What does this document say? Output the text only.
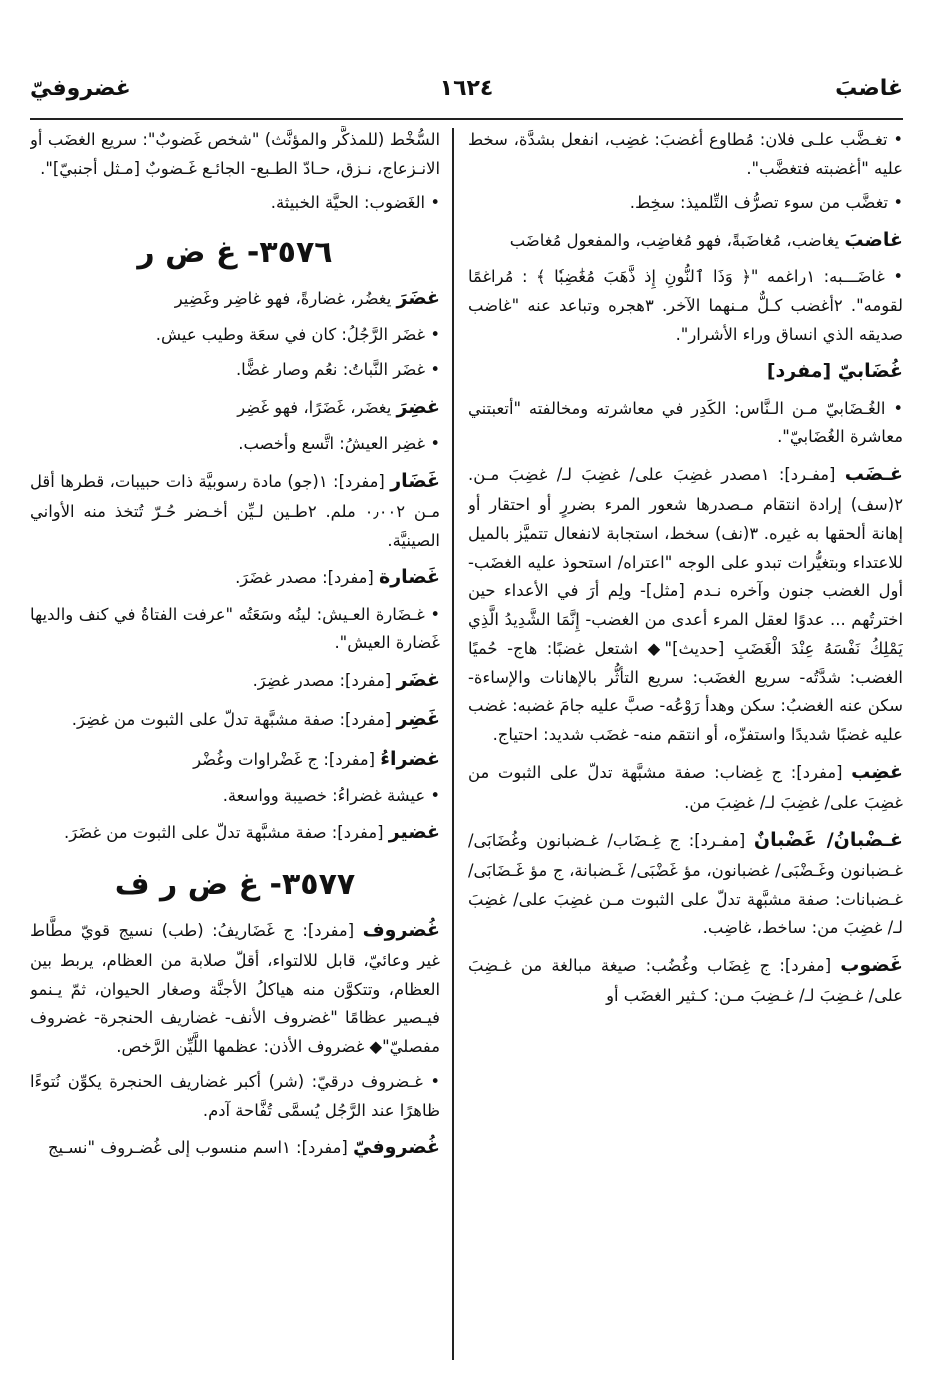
غاضبَ
١٦٢٤
غضروفيّ

• تغـضَّب علـى فلان: مُطاوع أغضبَ: غضِب، انفعل بشدَّة، سخط عليه "أغضبته فتغضَّب".

• تغضَّب من سوء تصرُّف التِّلميذ: سخِط.

غاضبَ يغاضب، مُغاضَبةً، فهو مُغاضِب، والمفعول مُغاضَب

• غاضَـــبه: ١راغمه "﴿ وَذَا ٱلنُّونِ إِذ ذَّهَبَ مُغَٰضِبٗا ﴾ : مُراغمًا لقومه". ٢أغضب كـلٌّ مـنهما الآخر. ٣هجره وتباعد عنه "غاضب صديقه الذي انساق وراء الأشرار".

غُضَابيّ [مفرد]

• الغُـضَابيّ مـن الـنَّاس: الكَدِر في معاشرته ومخالفته "أتعبتني معاشرة الغُضَابيّ".

غـضَب [مفـرد]: ١مصدر غضِبَ على/ غضِبَ لـ/ غضِبَ مـن. ٢(سف) إرادة انتقام مـصدرها شعور المرء بضررٍ أو احتقار أو إهانة ألحقها به غيره. ٣(نف) سخط، استجابة لانفعال تتميَّز بالميل للاعتداء وبتغيُّرات تبدو على الوجه "اعتراه/ استحوذ عليه الغضَب- أول الغضب جنون وآخره نـدم [مثل]- ولِم أرَ في الأعداء حين اخترتُهم ... عدوًا لعقل المرء أعدى من الغضب- إِنَّمَا الشَّدِيدُ الَّذِي يَمْلِكُ نَفْسَهُ عِنْدَ الْغَضَبِ [حديث]"◆ اشتعل غضبًا: هاج- حُميًا الغضب: شدَّتُه- سريع الغضَب: سريع التأثُّر بالإهانات والإساءة- سكن عنه الغضبُ: سكن وهدأ رَوْعُه- صبَّ عليه جامَ غضبه: غضب عليه غضبًا شديدًا واستفزّه، أو انتقم منه- غضَب شديد: احتياج.

غضِب [مفرد]: ج غِضاب: صفة مشبَّهة تدلّ على الثبوت من غضِبَ على/ غضِبَ لـ/ غضِبَ من.

غـضْبانُ/ غَضْبانٌ [مفـرد]: ج غِـضَاب/ غـضبانون وغُضَابَى/ غـضبانون وغَـضْبَى/ غضبانون، مؤ غَضْبَى/ غَـضبانة، ج مؤ غَـضَابَى/ غـضبانات: صفة مشبَّهة تدلّ على الثبوت مـن غضِبَ على/ غضِبَ لـ/ غضِبَ من: ساخط، غاضِب.

غَضوب [مفرد]: ج غِضَاب وغُضُب: صيغة مبالغة من غـضِبَ على/ غـضِبَ لـ/ غـضِبَ مـن: كـثير الغضَب أو

السُّخْط (للمذكَّر والمؤنَّث) "شخص غَضوبٌ": سريع الغضَب أو الانـزعاج، نـزق، حـادّ الطـبع- الجائـع غَـضوبٌ [مـثل أجنبيّ]".

• الغَضوب: الحيَّة الخبيثة.

٣٥٧٦- غ ض ر

غضَرَ يغضُر، غضارةً، فهو غاضِر وغَضِير

• غضَر الرَّجُلُ: كان في سعَة وطيب عيش.

• غضَر النَّباتُ: نعُم وصار غضًّا.

غضِرَ يغضَر، غَضَرًا، فهو غَضِر

• غضِر العيشُ: اتَّسع وأخصب.

غَضَار [مفرد]: ١(جو) مادة رسوبيَّة ذات حبيبات، قطرها أقل مـن ٠٫٠٠٢ ملم. ٢طـين لـيِّن أخـضر حُـرّ تُتخذ منه الأواني الصينيَّة.

غَضارة [مفرد]: مصدر غضَرَ.

• غـضَارة العـيش: لينُه وسَعَتُه "عرفت الفتاةُ في كنف والديها غَضارة العيش".

غضَر [مفرد]: مصدر غضِرَ.

غَضِر [مفرد]: صفة مشبَّهة تدلّ على الثبوت من غضِرَ.

غضراءُ [مفرد]: ج غَضْراوات وغُضْر

• عيشة غضراءُ: خصيبة وواسعة.

غضير [مفرد]: صفة مشبَّهة تدلّ على الثبوت من غضَرَ.

٣٥٧٧- غ ض ر ف

غُضروف [مفرد]: ج غَضَاريفُ: (طب) نسيج قويّ مطَّاط غير وعائيّ، قابل للالتواء، أقلّ صلابة من العظام، يربط بين العظام، وتتكوَّن منه هياكلُ الأجنَّة وصغار الحيوان، ثمّ يـنمو فيـصير عظامًا "غضروف الأنف- غضاريف الحنجرة- غضروف مفصليّ"◆ غضروف الأذن: عظمها اللَّيِّن الرَّخص.

• غـضروف درقيّ: (شر) أكبر غضاريف الحنجرة يكوِّن نُتوءًا ظاهرًا عند الرَّجُل يُسمَّى تُفَّاحة آدم.

غُضروفيّ [مفرد]: ١اسم منسوب إلى غُضـروف "نسـيج
